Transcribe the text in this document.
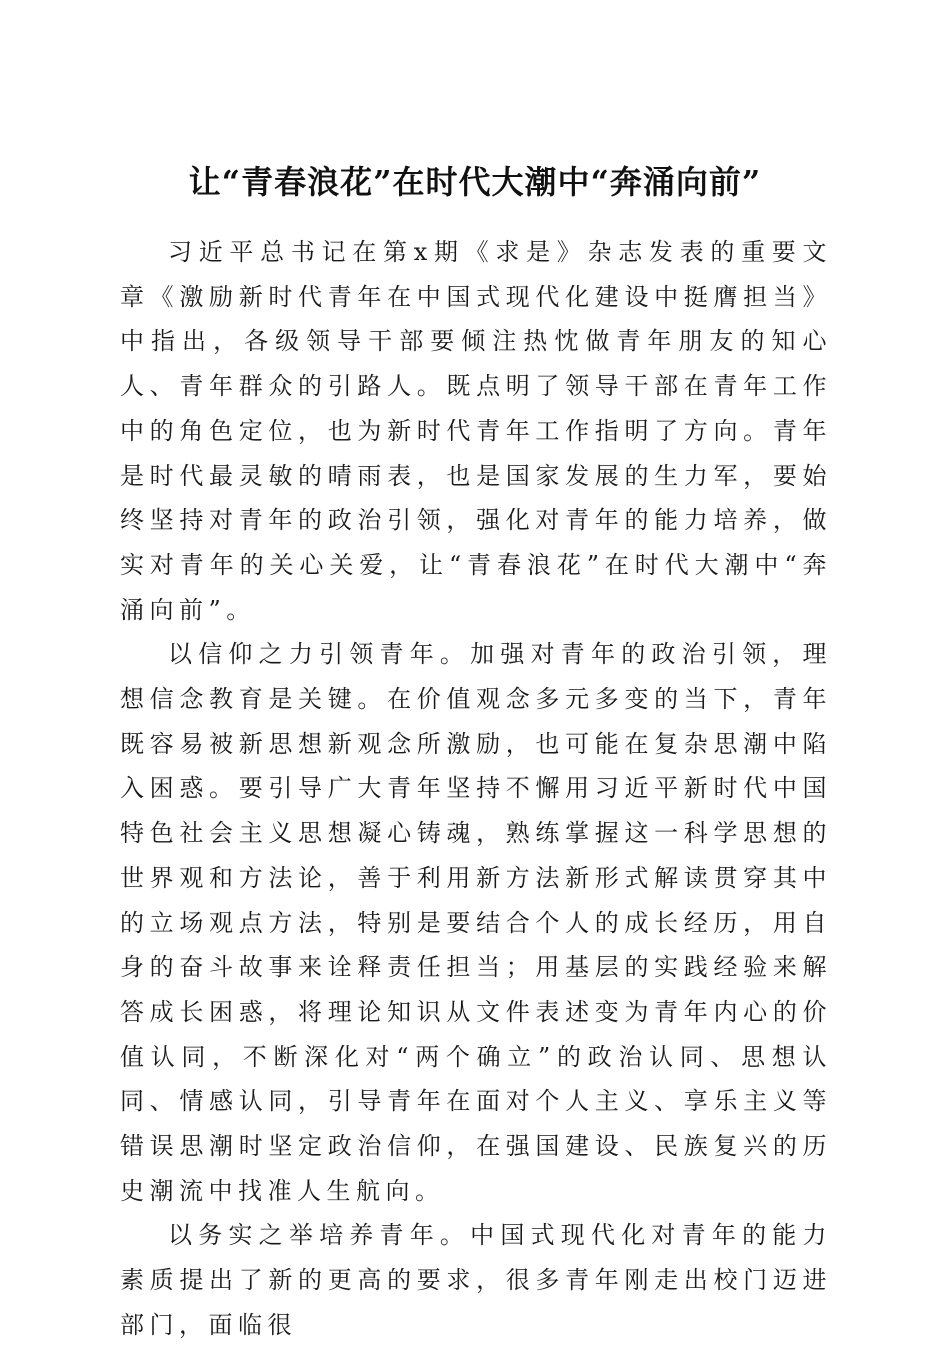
让“青春浪花”在时代大潮中“奔涌向前”

习近平总书记在第x期《求是》杂志发表的重要文章《激励新时代青年在中国式现代化建设中挺膺担当》中指出，各级领导干部要倾注热忱做青年朋友的知心人、青年群众的引路人。既点明了领导干部在青年工作中的角色定位，也为新时代青年工作指明了方向。青年是时代最灵敏的晴雨表，也是国家发展的生力军，要始终坚持对青年的政治引领，强化对青年的能力培养，做实对青年的关心关爱，让“青春浪花”在时代大潮中“奔涌向前”。

以信仰之力引领青年。加强对青年的政治引领，理想信念教育是关键。在价值观念多元多变的当下，青年既容易被新思想新观念所激励，也可能在复杂思潮中陷入困惑。要引导广大青年坚持不懈用习近平新时代中国特色社会主义思想凝心铸魂，熟练掌握这一科学思想的世界观和方法论，善于利用新方法新形式解读贯穿其中的立场观点方法，特别是要结合个人的成长经历，用自身的奋斗故事来诠释责任担当；用基层的实践经验来解答成长困惑，将理论知识从文件表述变为青年内心的价值认同，不断深化对“两个确立”的政治认同、思想认同、情感认同，引导青年在面对个人主义、享乐主义等错误思潮时坚定政治信仰，在强国建设、民族复兴的历史潮流中找准人生航向。

以务实之举培养青年。中国式现代化对青年的能力素质提出了新的更高的要求，很多青年刚走出校门迈进部门，面临很
